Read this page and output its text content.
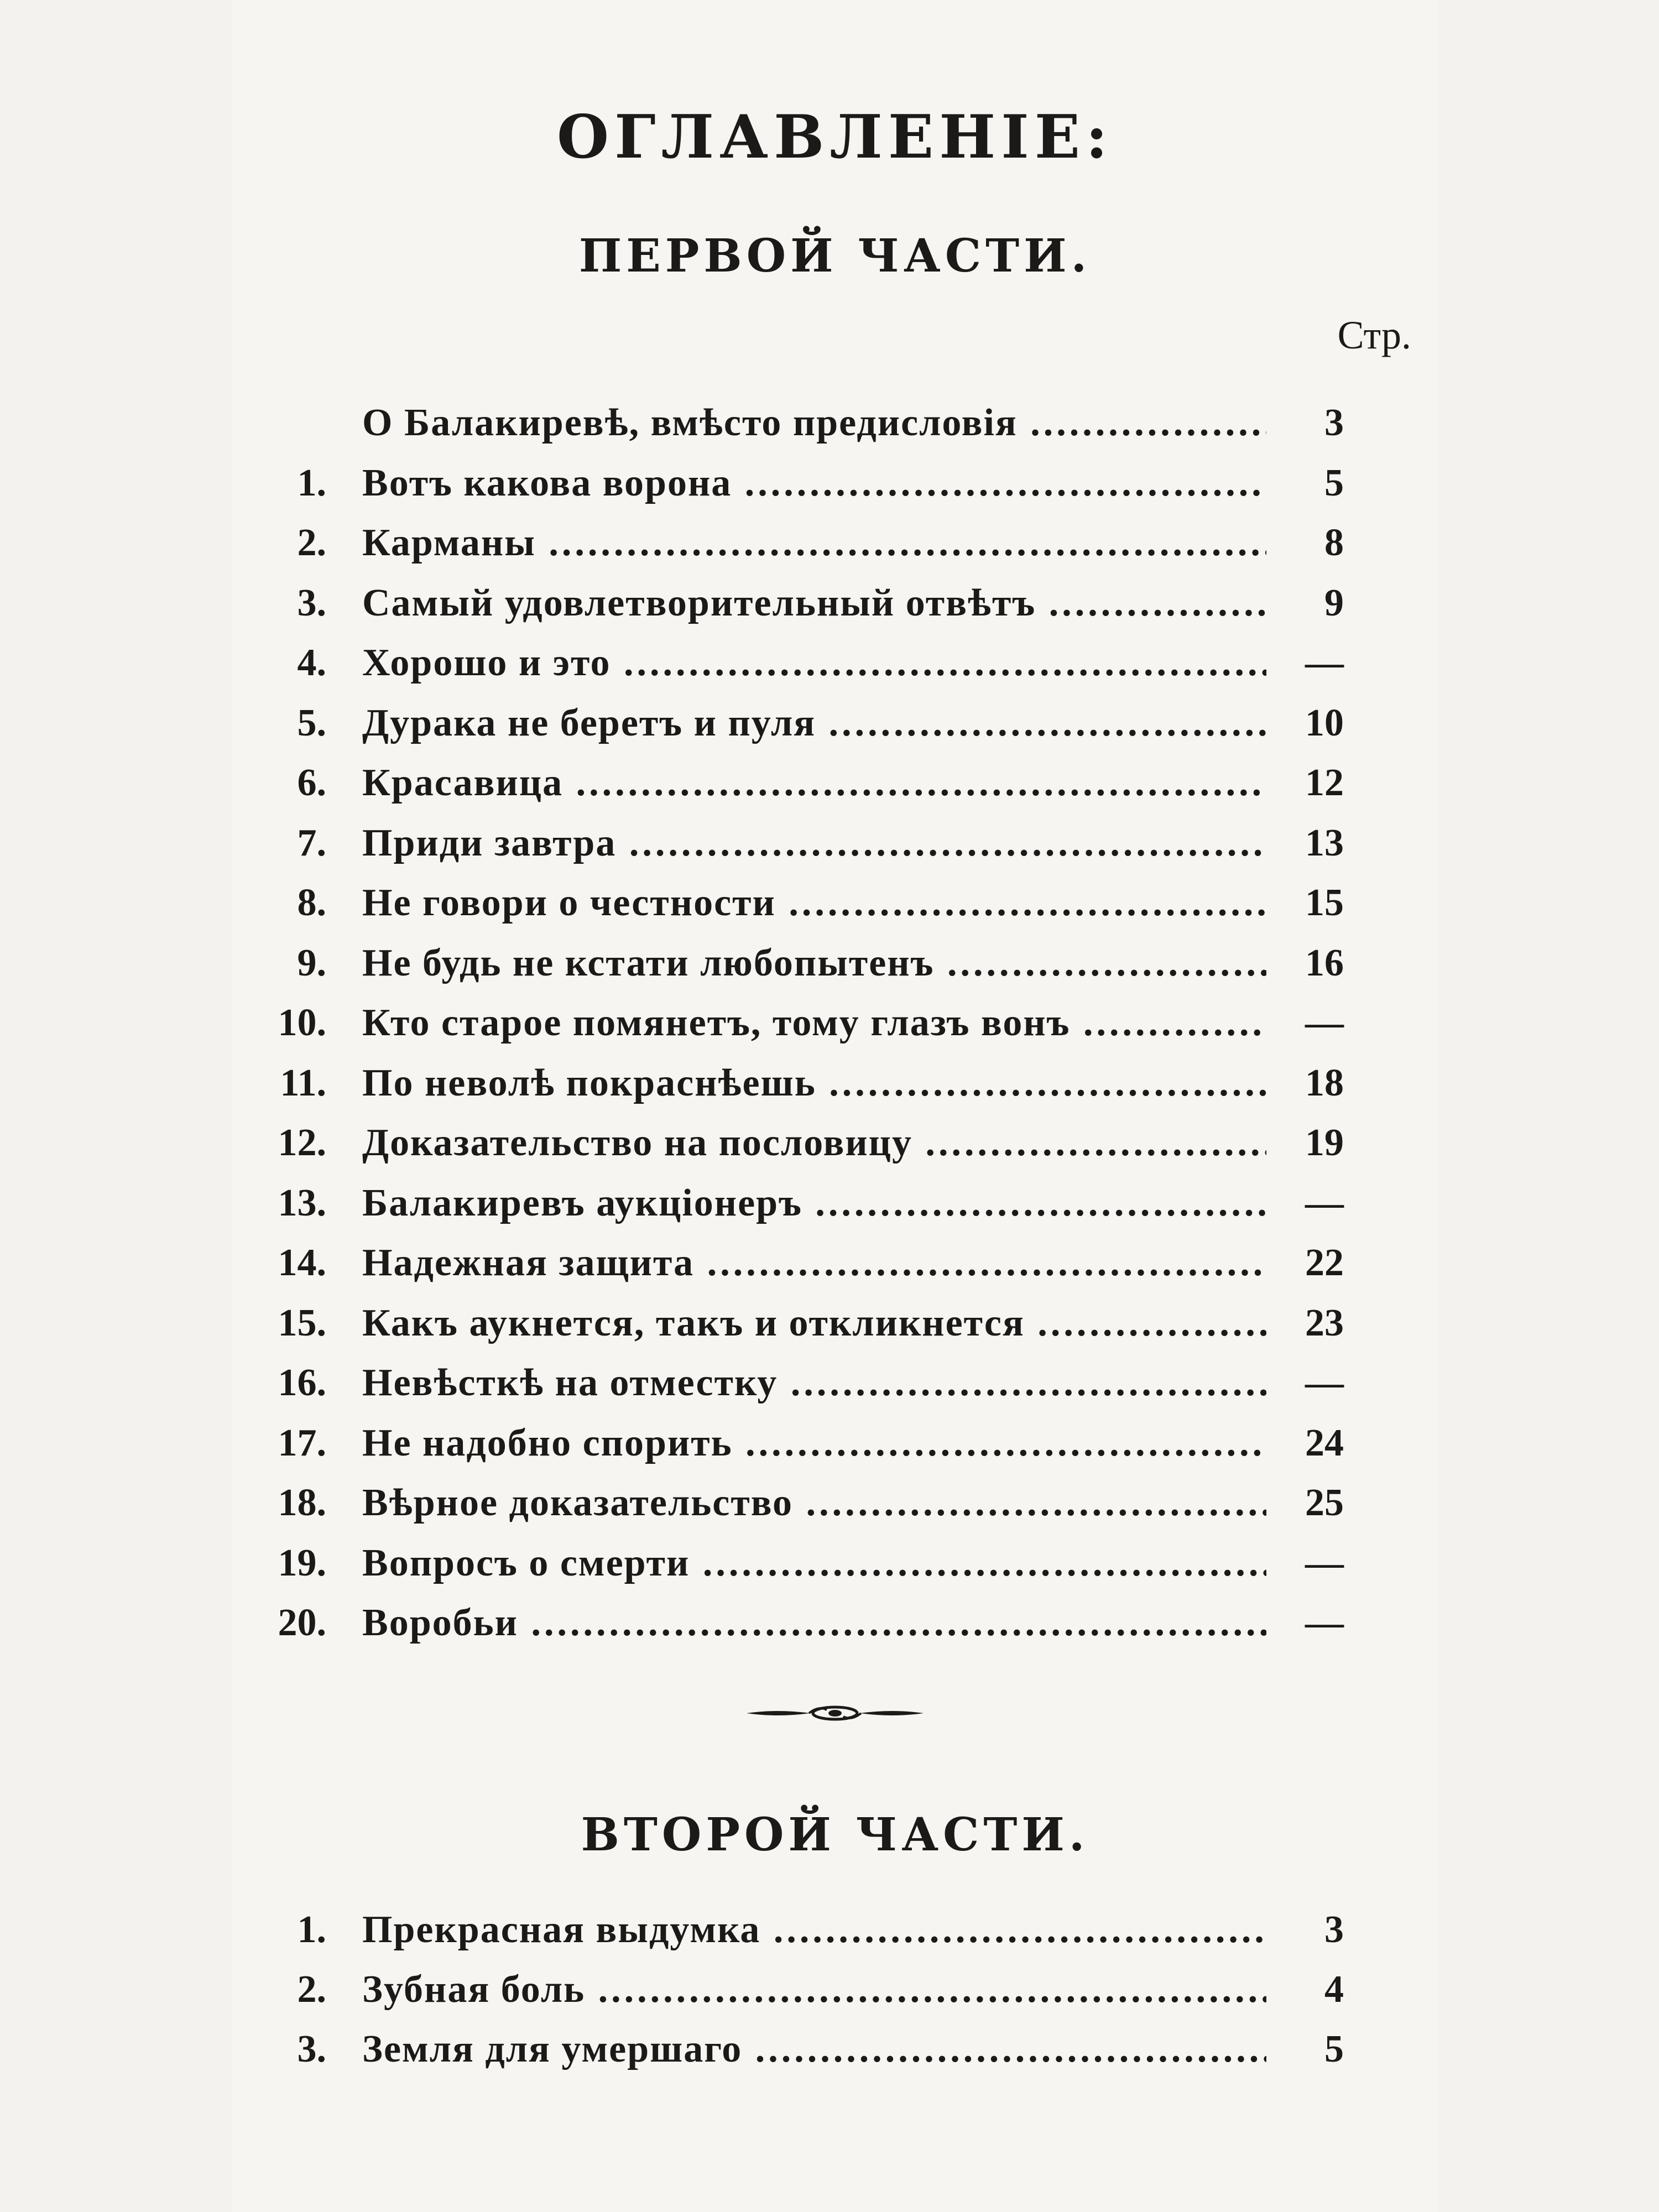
ОГЛАВЛЕНІЕ:
ПЕРВОЙ ЧАСТИ.
Стр.
О Балакиревѣ, вмѣсто предисловія .....	3
1. Вотъ какова ворона .....	5
2. Карманы .....	8
3. Самый удовлетворительный отвѣтъ .....	9
4. Хорошо и это .....	—
5. Дурака не беретъ и пуля .....	10
6. Красавица .....	12
7. Приди завтра .....	13
8. Не говори о честности .....	15
9. Не будь не кстати любопытенъ .....	16
10. Кто старое помянетъ, тому глазъ вонъ .....	—
11. По неволѣ покраснѣешь .....	18
12. Доказательство на пословицу .....	19
13. Балакиревъ аукціонеръ .....	—
14. Надежная защита .....	22
15. Какъ аукнется, такъ и откликнется .....	23
16. Невѣсткѣ на отместку .....	—
17. Не надобно спорить .....	24
18. Вѣрное доказательство .....	25
19. Вопросъ о смерти .....	—
20. Воробьи .....	—
ВТОРОЙ ЧАСТИ.
1. Прекрасная выдумка .....	3
2. Зубная боль .....	4
3. Земля для умершаго .....	5
